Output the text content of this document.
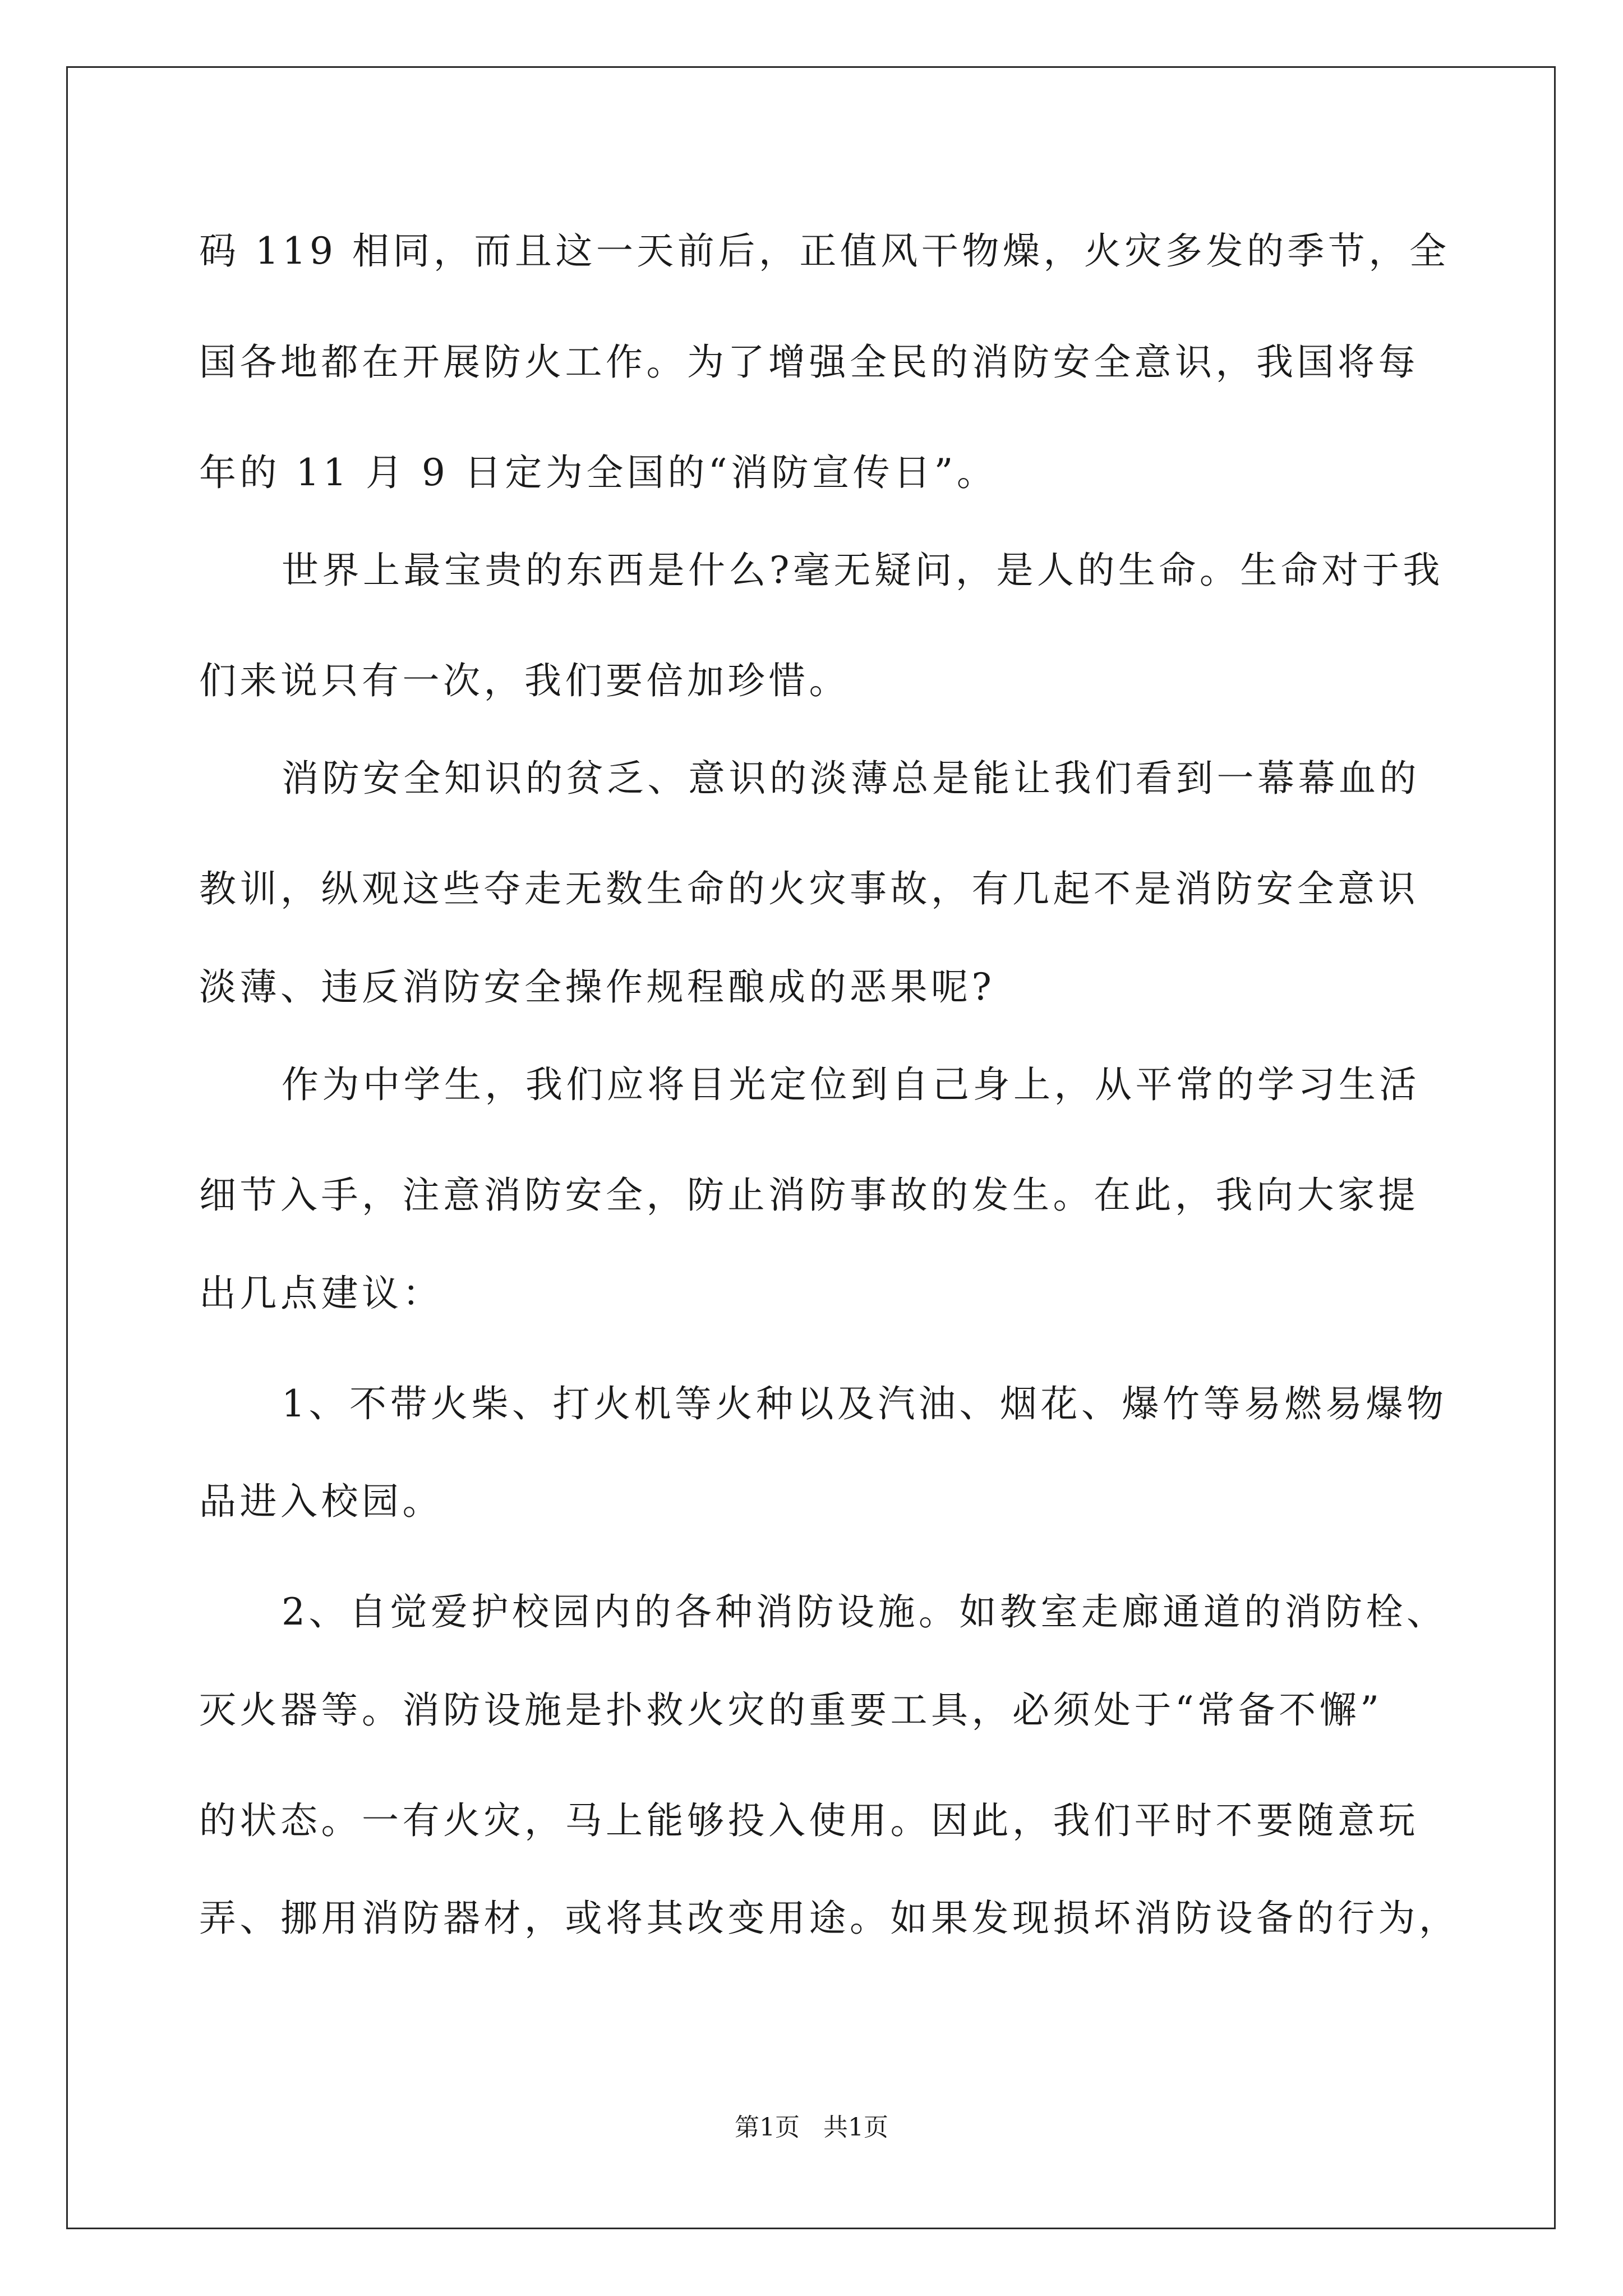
码 119 相同，而且这一天前后，正值风干物燥，火灾多发的季节，全
国各地都在开展防火工作。为了增强全民的消防安全意识，我国将每
年的 11 月 9 日定为全国的“消防宣传日”。
世界上最宝贵的东西是什么?毫无疑问，是人的生命。生命对于我
们来说只有一次，我们要倍加珍惜。
消防安全知识的贫乏、意识的淡薄总是能让我们看到一幕幕血的
教训，纵观这些夺走无数生命的火灾事故，有几起不是消防安全意识
淡薄、违反消防安全操作规程酿成的恶果呢?
作为中学生，我们应将目光定位到自己身上，从平常的学习生活
细节入手，注意消防安全，防止消防事故的发生。在此，我向大家提
出几点建议：
1、不带火柴、打火机等火种以及汽油、烟花、爆竹等易燃易爆物
品进入校园。
2、自觉爱护校园内的各种消防设施。如教室走廊通道的消防栓、
灭火器等。消防设施是扑救火灾的重要工具，必须处于“常备不懈”
的状态。一有火灾，马上能够投入使用。因此，我们平时不要随意玩
弄、挪用消防器材，或将其改变用途。如果发现损坏消防设备的行为，
第1页   共1页
